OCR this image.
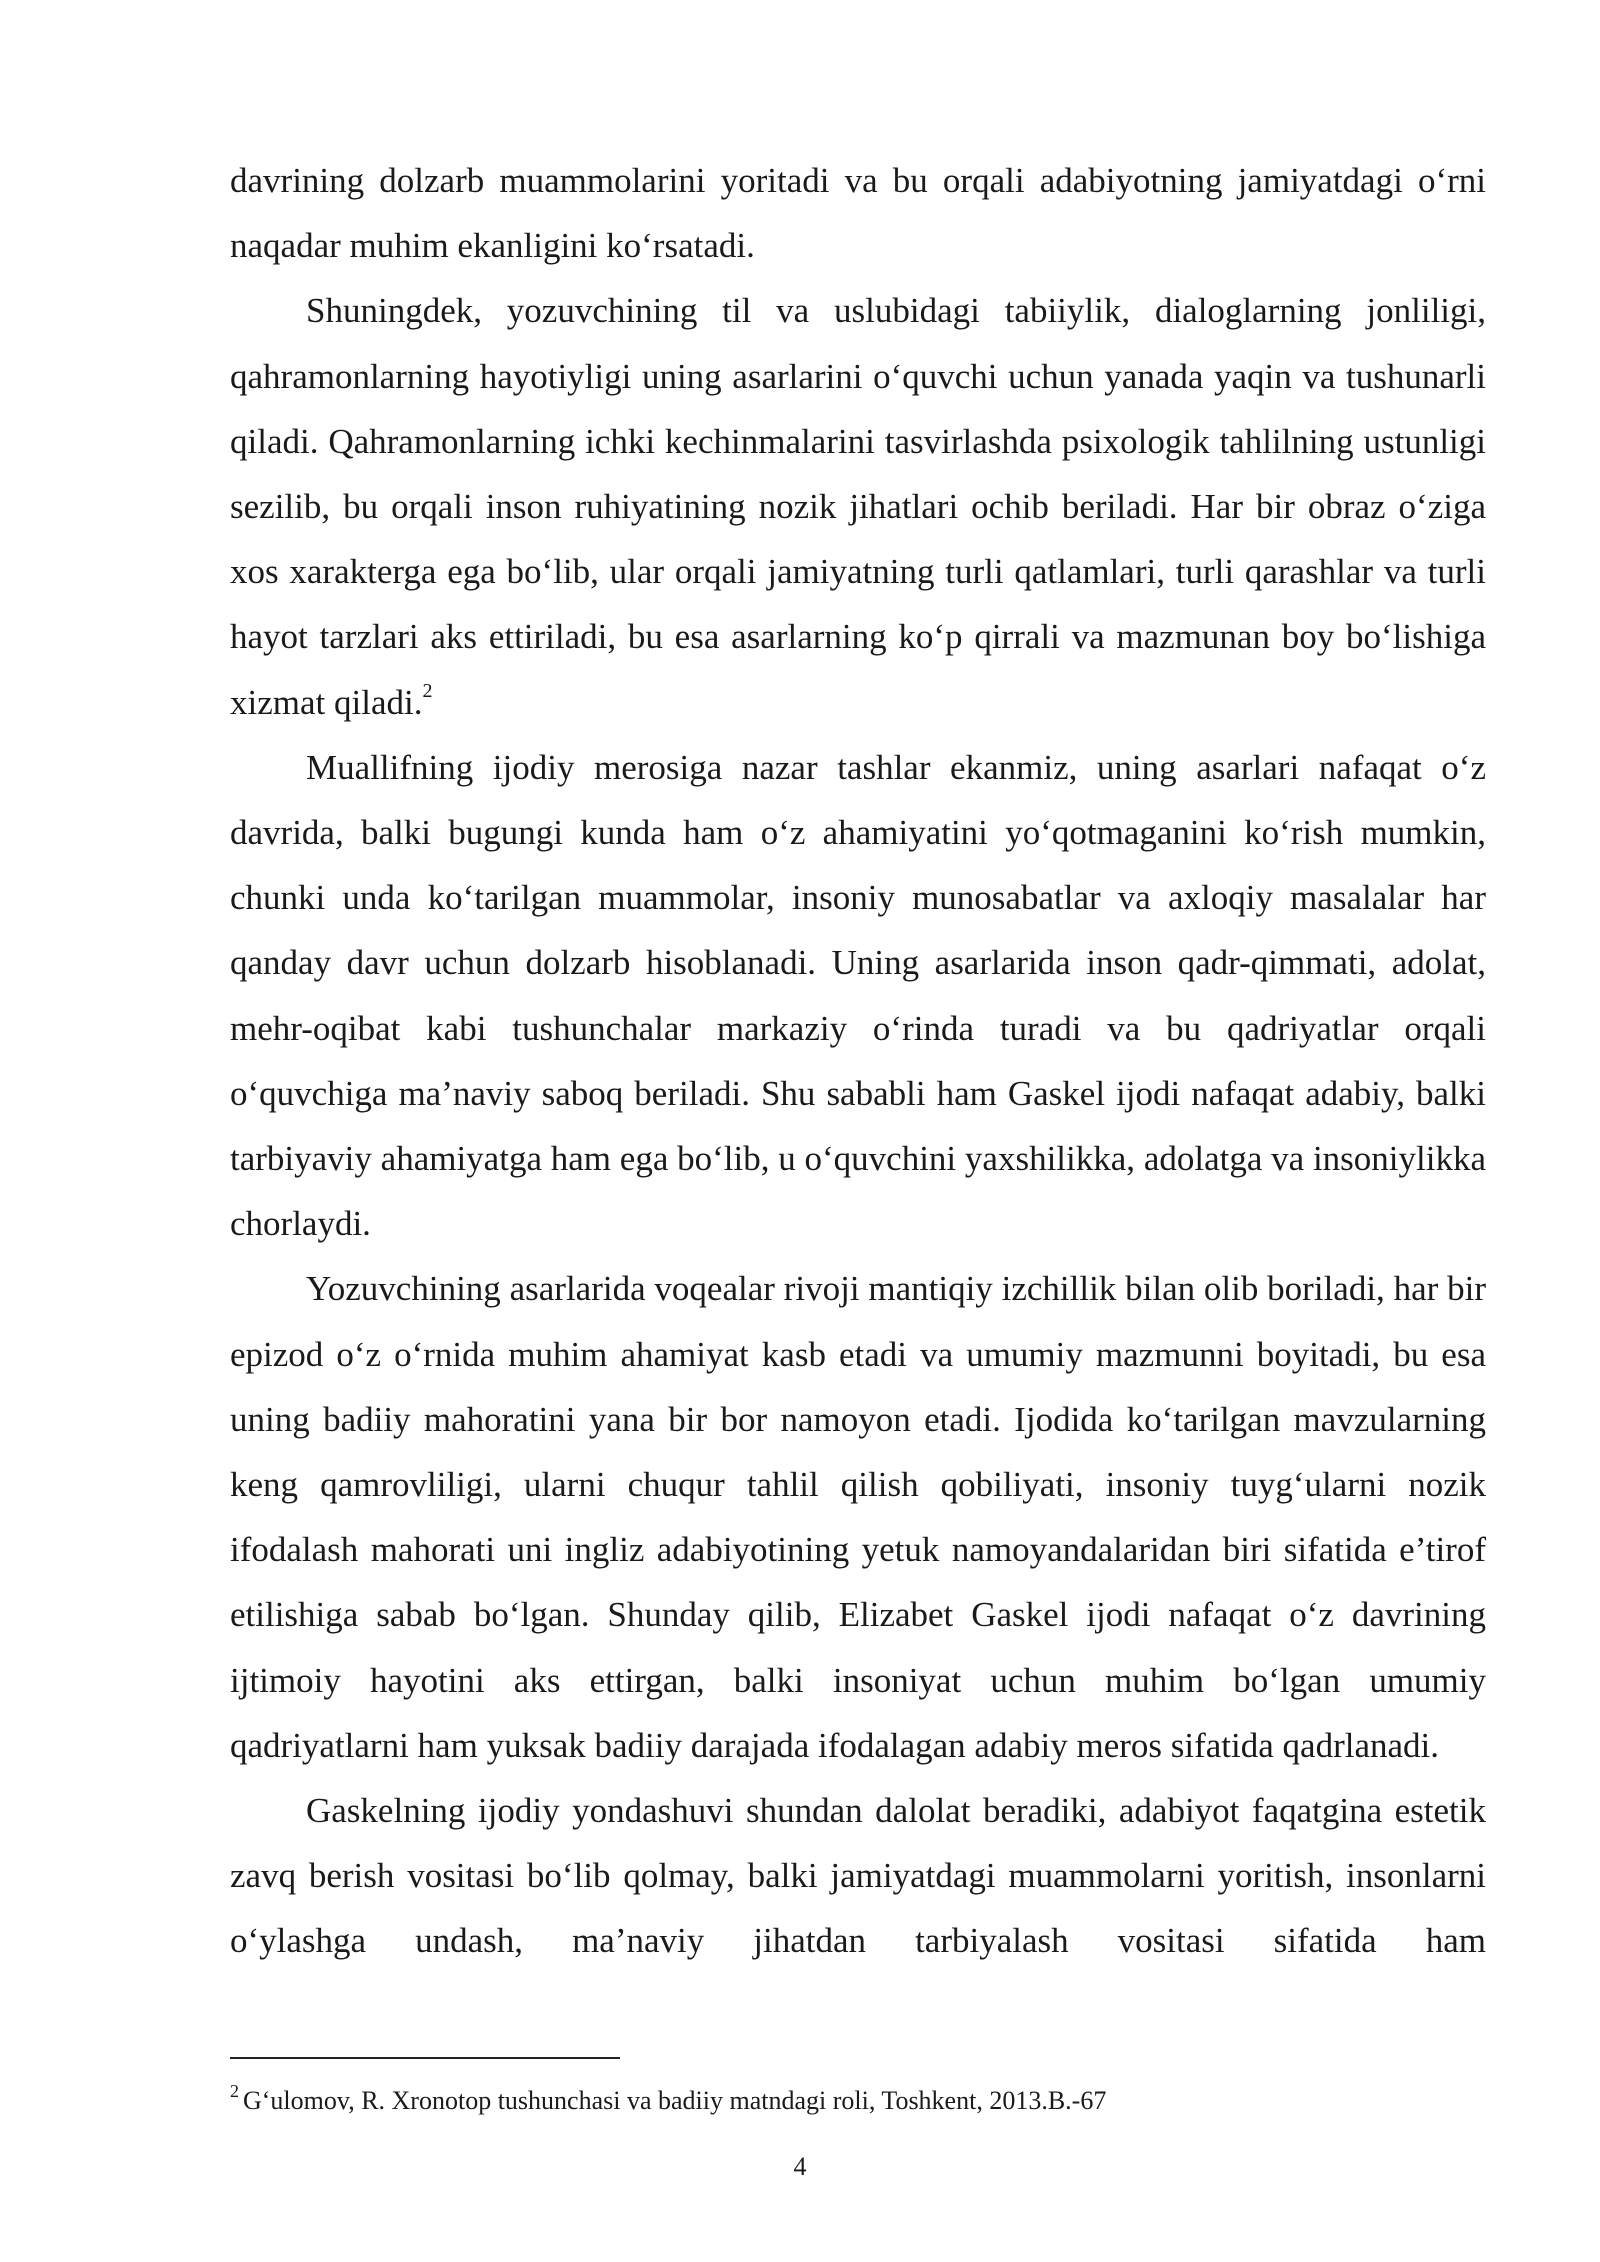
davrining dolzarb muammolarini yoritadi va bu orqali adabiyotning jamiyatdagi o‘rni naqadar muhim ekanligini ko‘rsatadi.

Shuningdek, yozuvchining til va uslubidagi tabiiylik, dialoglarning jonliligi, qahramonlarning hayotiyligi uning asarlarini o‘quvchi uchun yanada yaqin va tushunarli qiladi. Qahramonlarning ichki kechinmalarini tasvirlashda psixologik tahlilning ustunligi sezilib, bu orqali inson ruhiyatining nozik jihatlari ochib beriladi. Har bir obraz o‘ziga xos xarakterga ega bo‘lib, ular orqali jamiyatning turli qatlamlari, turli qarashlar va turli hayot tarzlari aks ettiriladi, bu esa asarlarning ko‘p qirrali va mazmunan boy bo‘lishiga xizmat qiladi.$^2$

Muallifning ijodiy merosiga nazar tashlar ekanmiz, uning asarlari nafaqat o‘z davrida, balki bugungi kunda ham o‘z ahamiyatini yo‘qotmaganini ko‘rish mumkin, chunki unda ko‘tarilgan muammolar, insoniy munosabatlar va axloqiy masalalar har qanday davr uchun dolzarb hisoblanadi. Uning asarlarida inson qadr-qimmati, adolat, mehr-oqibat kabi tushunchalar markaziy o‘rinda turadi va bu qadriyatlar orqali o‘quvchiga ma’naviy saboq beriladi. Shu sababli ham Gaskel ijodi nafaqat adabiy, balki tarbiyaviy ahamiyatga ham ega bo‘lib, u o‘quvchini yaxshilikka, adolatga va insoniylikka chorlaydi.

Yozuvchining asarlarida voqealar rivoji mantiqiy izchillik bilan olib boriladi, har bir epizod o‘z o‘rnida muhim ahamiyat kasb etadi va umumiy mazmunni boyitadi, bu esa uning badiiy mahoratini yana bir bor namoyon etadi. Ijodida ko‘tarilgan mavzularning keng qamrovliligi, ularni chuqur tahlil qilish qobiliyati, insoniy tuyg‘ularni nozik ifodalash mahorati uni ingliz adabiyotining yetuk namoyandalaridan biri sifatida e’tirof etilishiga sabab bo‘lgan. Shunday qilib, Elizabet Gaskel ijodi nafaqat o‘z davrining ijtimoiy hayotini aks ettirgan, balki insoniyat uchun muhim bo‘lgan umumiy qadriyatlarni ham yuksak badiiy darajada ifodalagan adabiy meros sifatida qadrlanadi.

Gaskelning ijodiy yondashuvi shundan dalolat beradiki, adabiyot faqatgina estetik zavq berish vositasi bo‘lib qolmay, balki jamiyatdagi muammolarni yoritish, insonlarni o‘ylashga undash, ma’naviy jihatdan tarbiyalash vositasi sifatida ham

$^2$ G‘ulomov, R. Xronotop tushunchasi va badiiy matndagi roli, Toshkent, 2013.B.-67
4
